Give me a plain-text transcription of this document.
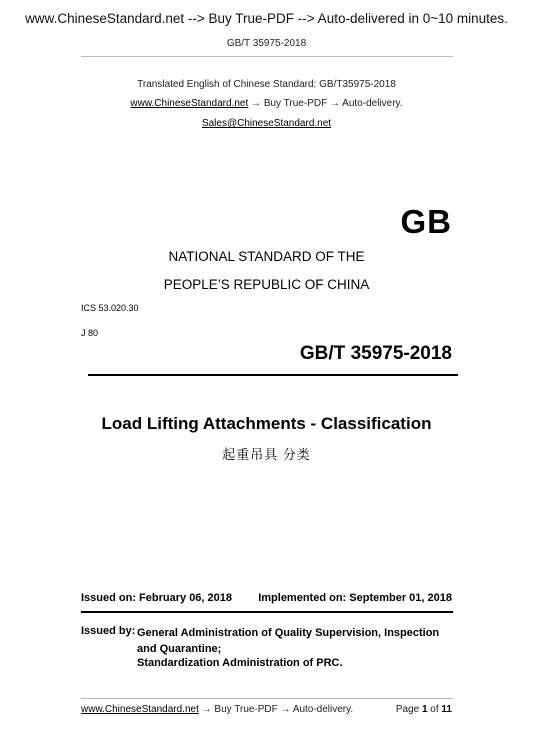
www.ChineseStandard.net --> Buy True-PDF --> Auto-delivered in 0~10 minutes.
GB/T 35975-2018
Translated English of Chinese Standard: GB/T35975-2018
www.ChineseStandard.net → Buy True-PDF → Auto-delivery.
Sales@ChineseStandard.net
GB
NATIONAL STANDARD OF THE
PEOPLE’S REPUBLIC OF CHINA
ICS 53.020.30
J 80
GB/T 35975-2018
Load Lifting Attachments - Classification
起重吊具 分类
Issued on: February 06, 2018 Implemented on: September 01, 2018
Issued by: General Administration of Quality Supervision, Inspection and Quarantine;
Standardization Administration of PRC.
www.ChineseStandard.net → Buy True-PDF → Auto-delivery.	Page 1 of 11
